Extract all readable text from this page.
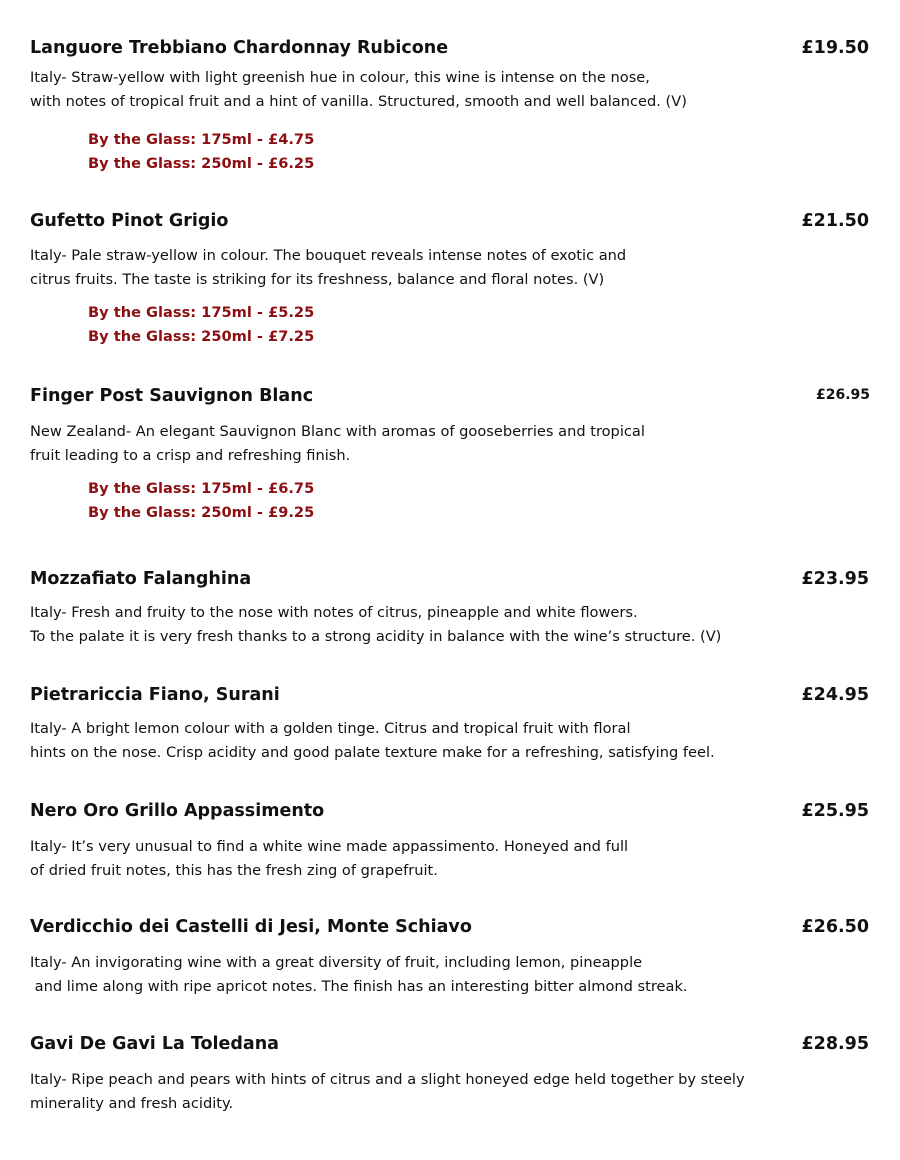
Languore Trebbiano Chardonnay Rubicone	£19.50
Italy- Straw-yellow with light greenish hue in colour, this wine is intense on the nose,
with notes of tropical fruit and a hint of vanilla. Structured, smooth and well balanced. (V)
By the Glass: 175ml - £4.75
By the Glass: 250ml - £6.25
Gufetto Pinot Grigio	£21.50
Italy- Pale straw-yellow in colour. The bouquet reveals intense notes of exotic and
citrus fruits. The taste is striking for its freshness, balance and floral notes. (V)
By the Glass: 175ml - £5.25
By the Glass: 250ml - £7.25
Finger Post Sauvignon Blanc	£26.95
New Zealand- An elegant Sauvignon Blanc with aromas of gooseberries and tropical
fruit leading to a crisp and refreshing finish.
By the Glass: 175ml - £6.75
By the Glass: 250ml - £9.25
Mozzafiato Falanghina	£23.95
Italy- Fresh and fruity to the nose with notes of citrus, pineapple and white flowers.
To the palate it is very fresh thanks to a strong acidity in balance with the wine’s structure. (V)
Pietrariccia Fiano, Surani	£24.95
Italy- A bright lemon colour with a golden tinge. Citrus and tropical fruit with floral
hints on the nose. Crisp acidity and good palate texture make for a refreshing, satisfying feel.
Nero Oro Grillo Appassimento	£25.95
Italy- It’s very unusual to find a white wine made appassimento. Honeyed and full
of dried fruit notes, this has the fresh zing of grapefruit.
Verdicchio dei Castelli di Jesi, Monte Schiavo	£26.50
Italy- An invigorating wine with a great diversity of fruit, including lemon, pineapple
and lime along with ripe apricot notes. The finish has an interesting bitter almond streak.
Gavi De Gavi La Toledana	£28.95
Italy- Ripe peach and pears with hints of citrus and a slight honeyed edge held together by steely
minerality and fresh acidity.
